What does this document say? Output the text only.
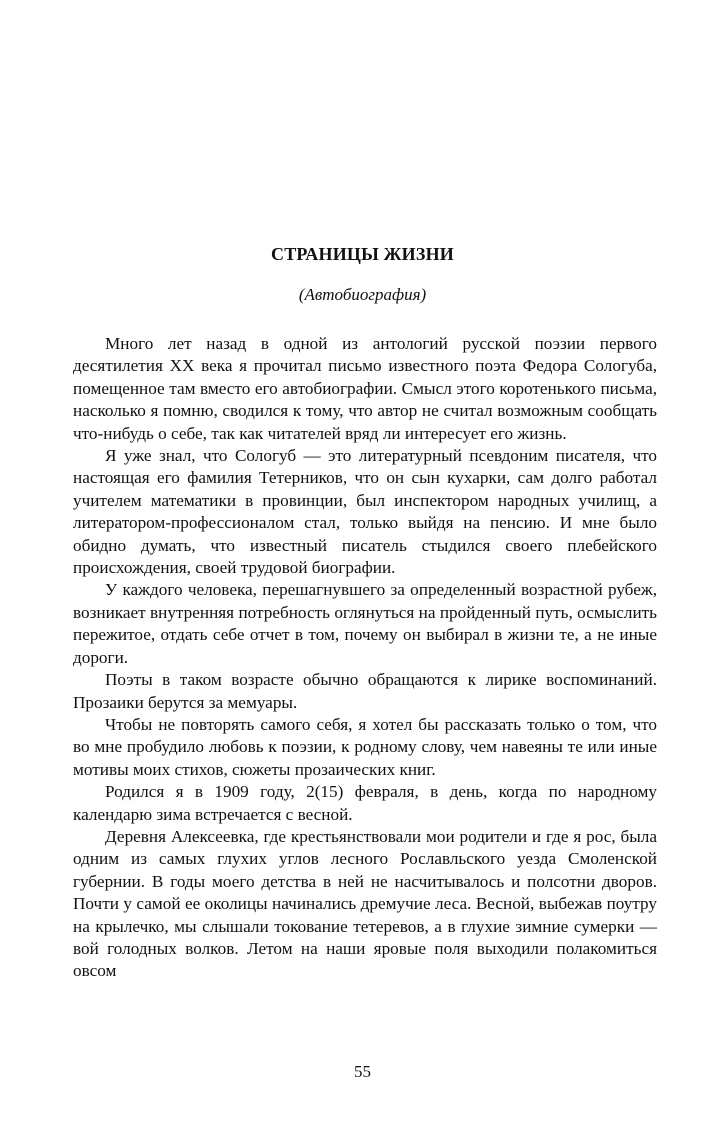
СТРАНИЦЫ ЖИЗНИ
(Автобиография)

Много лет назад в одной из антологий русской поэзии первого десятилетия XX века я прочитал письмо известного поэта Федора Сологуба, помещенное там вместо его автобиографии. Смысл этого коротенького письма, насколько я помню, сводился к тому, что автор не считал возможным сообщать что-нибудь о себе, так как читателей вряд ли интересует его жизнь.

Я уже знал, что Сологуб — это литературный псевдоним писателя, что настоящая его фамилия Тетерников, что он сын кухарки, сам долго работал учителем математики в провинции, был инспектором народных училищ, а литератором-профессионалом стал, только выйдя на пенсию. И мне было обидно думать, что известный писатель стыдился своего плебейского происхождения, своей трудовой биографии.

У каждого человека, перешагнувшего за определенный возрастной рубеж, возникает внутренняя потребность оглянуться на пройденный путь, осмыслить пережитое, отдать себе отчет в том, почему он выбирал в жизни те, а не иные дороги.

Поэты в таком возрасте обычно обращаются к лирике воспоминаний. Прозаики берутся за мемуары.

Чтобы не повторять самого себя, я хотел бы рассказать только о том, что во мне пробудило любовь к поэзии, к родному слову, чем навеяны те или иные мотивы моих стихов, сюжеты прозаических книг.

Родился я в 1909 году, 2(15) февраля, в день, когда по народному календарю зима встречается с весной.

Деревня Алексеевка, где крестьянствовали мои родители и где я рос, была одним из самых глухих углов лесного Рославльского уезда Смоленской губернии. В годы моего детства в ней не насчитывалось и полсотни дворов. Почти у самой ее околицы начинались дремучие леса. Весной, выбежав поутру на крылечко, мы слышали токование тетеревов, а в глухие зимние сумерки — вой голодных волков. Летом на наши яровые поля выходили полакомиться овсом

55
